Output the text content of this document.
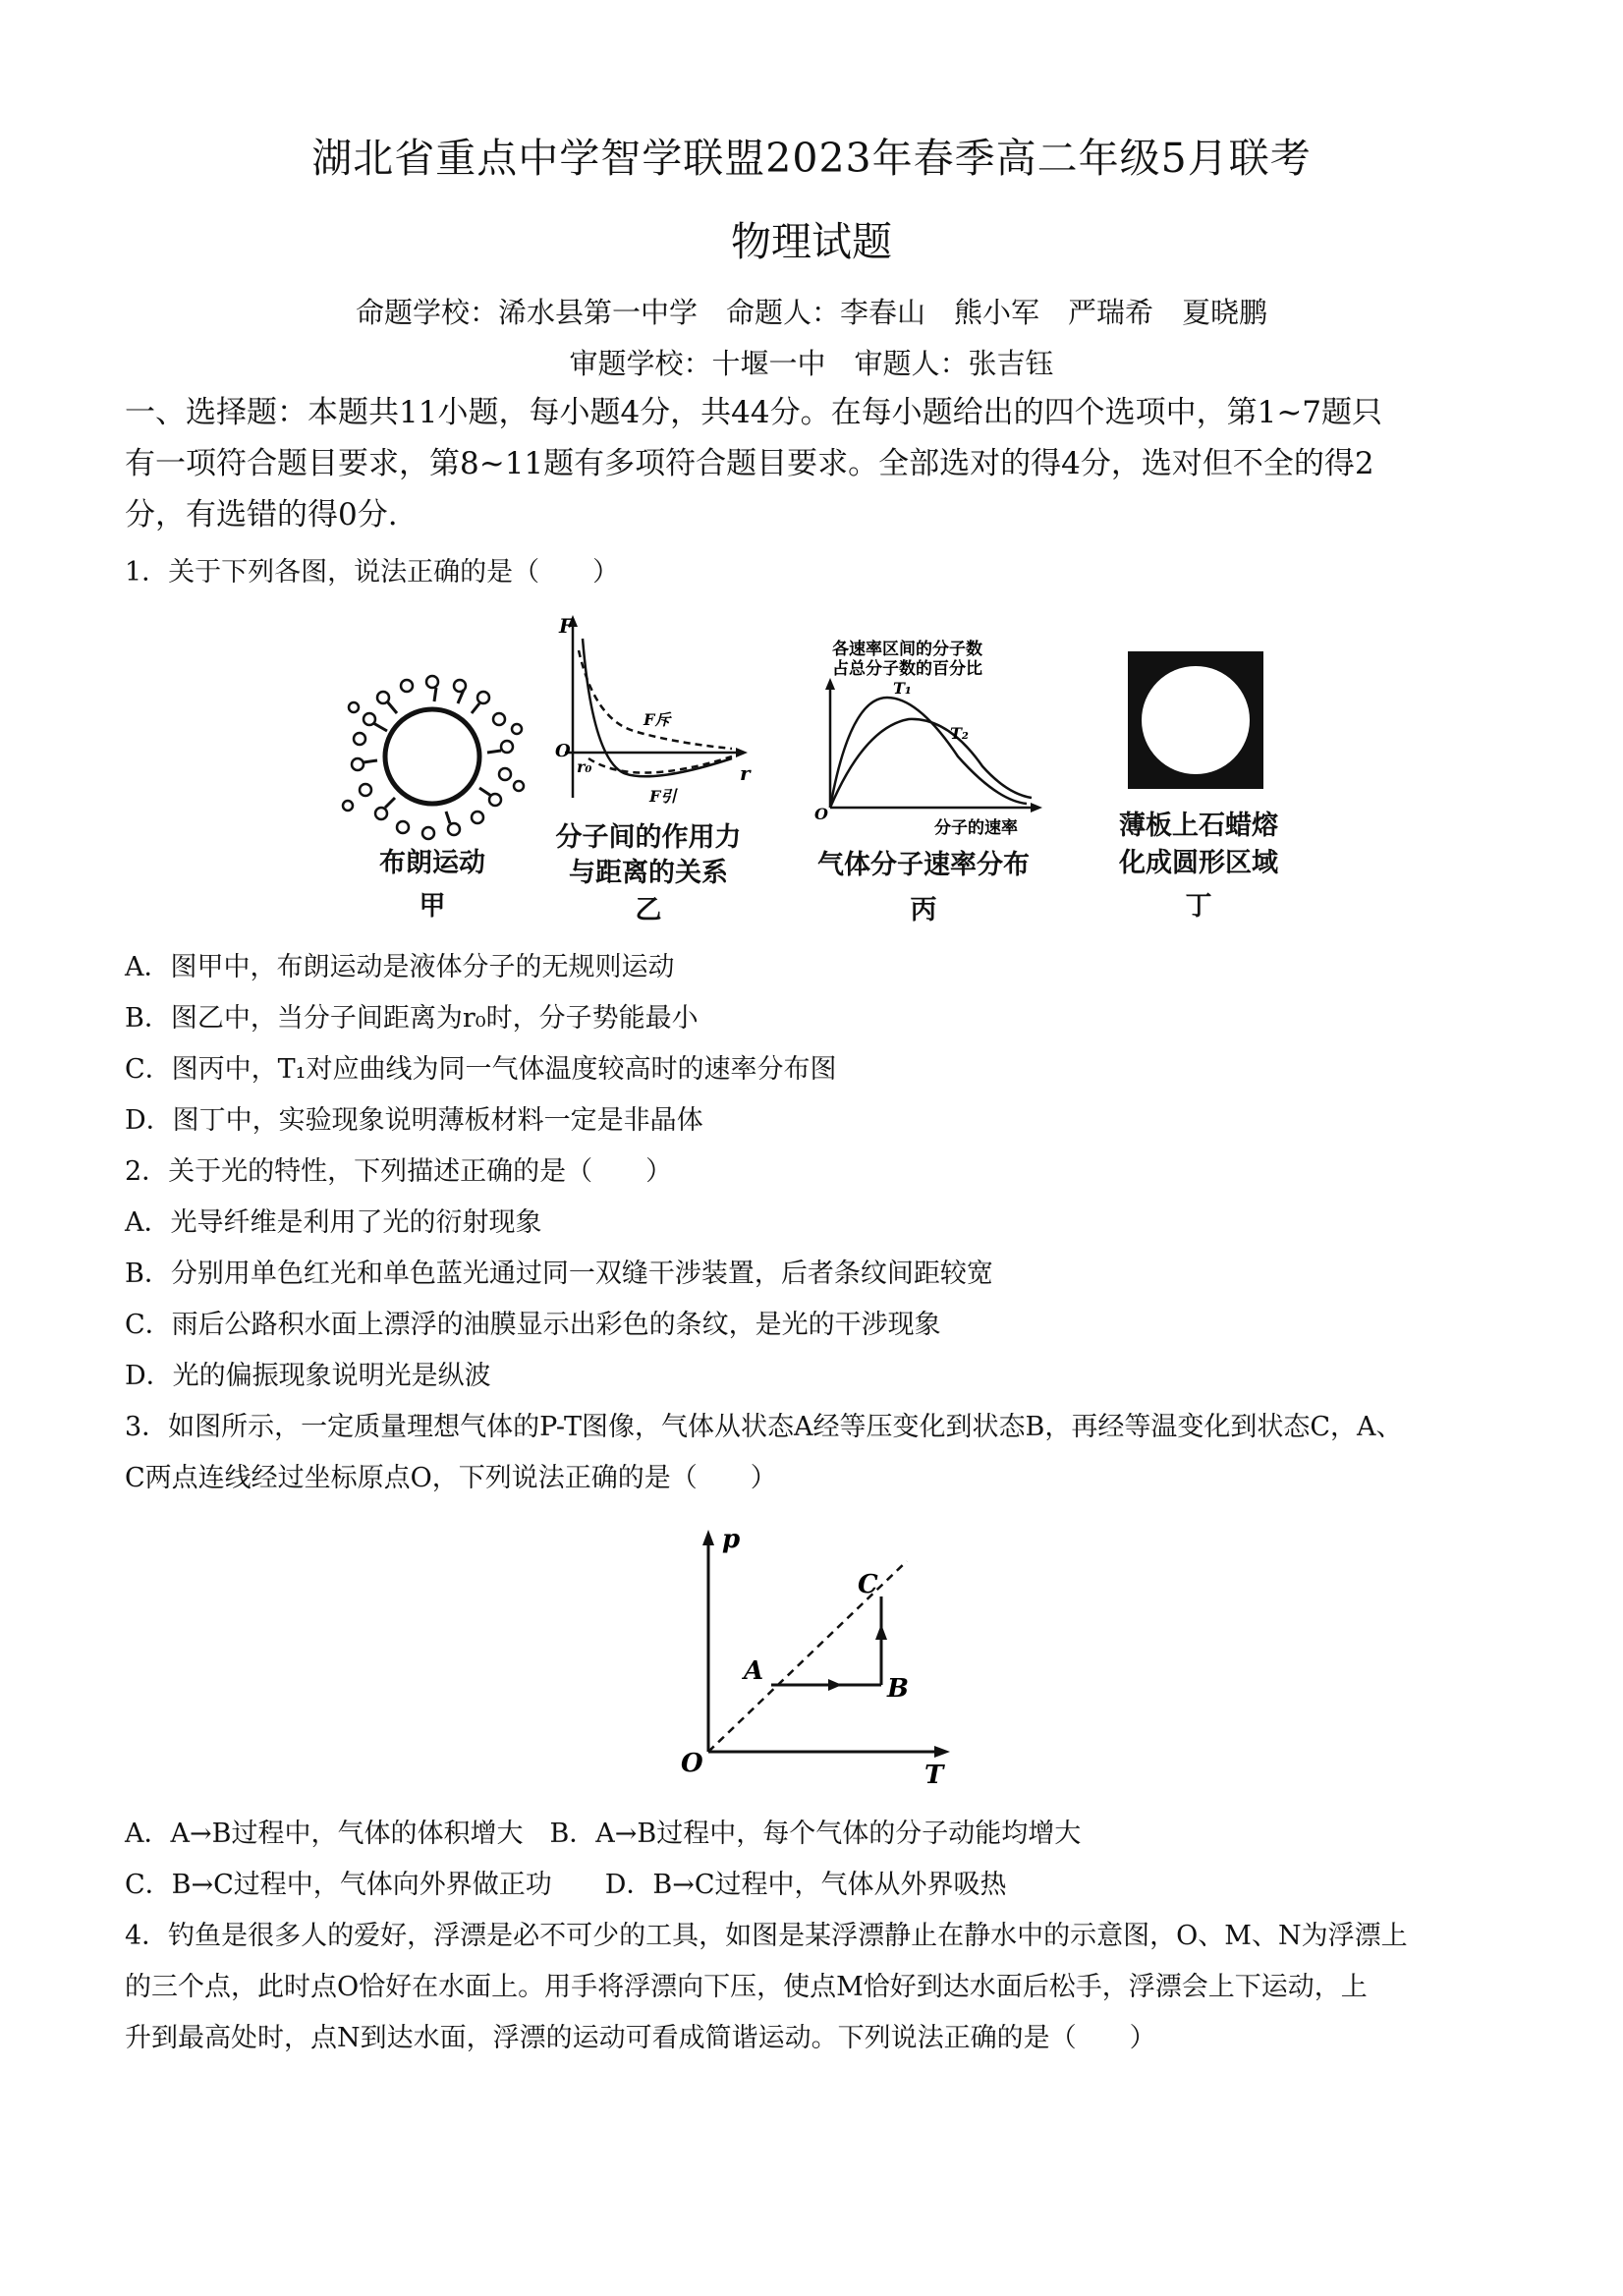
湖北省重点中学智学联盟2023年春季高二年级5月联考
物理试题
命题学校：浠水县第一中学　命题人：李春山　熊小军　严瑞希　夏晓鹏
审题学校：十堰一中　审题人：张吉钰
一、选择题：本题共11小题，每小题4分，共44分。在每小题给出的四个选项中，第1~7题只
有一项符合题目要求，第8~11题有多项符合题目要求。全部选对的得4分，选对但不全的得2
分，有选错的得0分.
1．关于下列各图，说法正确的是（　　）
布朗运动
甲
F
r
O
r₀
F斥
F引
分子间的作用力
与距离的关系
乙
各速率区间的分子数
占总分子数的百分比
T₁
T₂
O
分子的速率
气体分子速率分布
丙
薄板上石蜡熔
化成圆形区域
丁
A．图甲中，布朗运动是液体分子的无规则运动
B．图乙中，当分子间距离为r₀时，分子势能最小
C．图丙中，T₁对应曲线为同一气体温度较高时的速率分布图
D．图丁中，实验现象说明薄板材料一定是非晶体
2．关于光的特性，下列描述正确的是（　　）
A．光导纤维是利用了光的衍射现象
B．分别用单色红光和单色蓝光通过同一双缝干涉装置，后者条纹间距较宽
C．雨后公路积水面上漂浮的油膜显示出彩色的条纹，是光的干涉现象
D．光的偏振现象说明光是纵波
3．如图所示，一定质量理想气体的P-T图像，气体从状态A经等压变化到状态B，再经等温变化到状态C，A、
C两点连线经过坐标原点O，下列说法正确的是（　　）
p
T
O
A
B
C
A．A→B过程中，气体的体积增大　B．A→B过程中，每个气体的分子动能均增大
C．B→C过程中，气体向外界做正功　　D．B→C过程中，气体从外界吸热
4．钓鱼是很多人的爱好，浮漂是必不可少的工具，如图是某浮漂静止在静水中的示意图，O、M、N为浮漂上
的三个点，此时点O恰好在水面上。用手将浮漂向下压，使点M恰好到达水面后松手，浮漂会上下运动，上
升到最高处时，点N到达水面，浮漂的运动可看成简谐运动。下列说法正确的是（　　）
